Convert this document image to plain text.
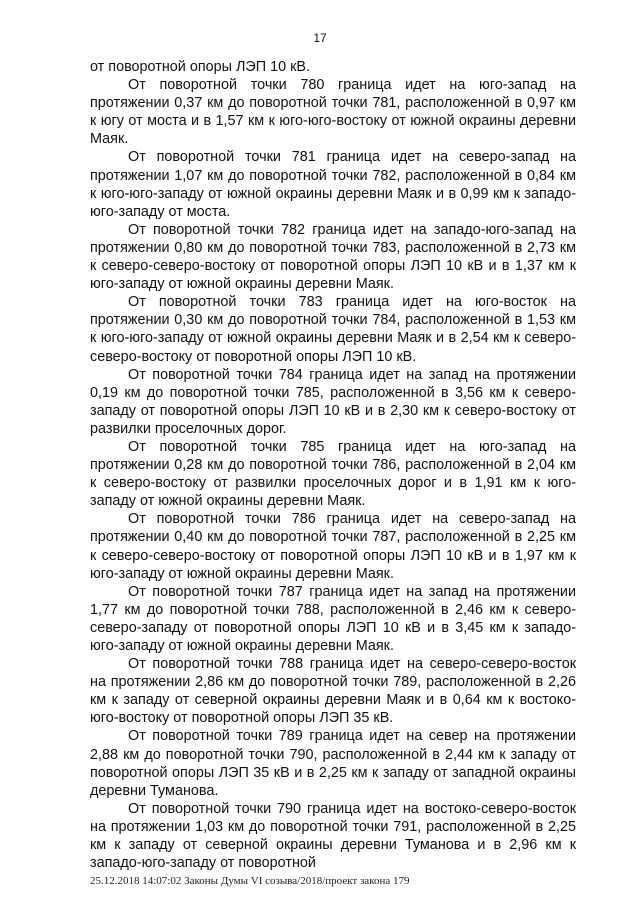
17

от поворотной опоры ЛЭП 10 кВ.

От поворотной точки 780 граница идет на юго-запад на протяжении 0,37 км до поворотной точки 781, расположенной в 0,97 км к югу от моста и в 1,57 км к юго-юго-востоку от южной окраины деревни Маяк.

От поворотной точки 781 граница идет на северо-запад на протяжении 1,07 км до поворотной точки 782, расположенной в 0,84 км к юго-юго-западу от южной окраины деревни Маяк и в 0,99 км к западо-юго-западу от моста.

От поворотной точки 782 граница идет на западо-юго-запад на протяжении 0,80 км до поворотной точки 783, расположенной в 2,73 км к северо-северо-востоку от поворотной опоры ЛЭП 10 кВ и в 1,37 км к юго-западу от южной окраины деревни Маяк.

От поворотной точки 783 граница идет на юго-восток на протяжении 0,30 км до поворотной точки 784, расположенной в 1,53 км к юго-юго-западу от южной окраины деревни Маяк и в 2,54 км к северо-северо-востоку от поворотной опоры ЛЭП 10 кВ.

От поворотной точки 784 граница идет на запад на протяжении 0,19 км до поворотной точки 785, расположенной в 3,56 км к северо-западу от поворотной опоры ЛЭП 10 кВ и в 2,30 км к северо-востоку от развилки проселочных дорог.

От поворотной точки 785 граница идет на юго-запад на протяжении 0,28 км до поворотной точки 786, расположенной в 2,04 км к северо-востоку от развилки проселочных дорог и в 1,91 км к юго-западу от южной окраины деревни Маяк.

От поворотной точки 786 граница идет на северо-запад на протяжении 0,40 км до поворотной точки 787, расположенной в 2,25 км к северо-северо-востоку от поворотной опоры ЛЭП 10 кВ и в 1,97 км к юго-западу от южной окраины деревни Маяк.

От поворотной точки 787 граница идет на запад на протяжении 1,77 км до поворотной точки 788, расположенной в 2,46 км к северо-северо-западу от поворотной опоры ЛЭП 10 кВ и в 3,45 км к западо-юго-западу от южной окраины деревни Маяк.

От поворотной точки 788 граница идет на северо-северо-восток на протяжении 2,86 км до поворотной точки 789, расположенной в 2,26 км к западу от северной окраины деревни Маяк и в 0,64 км к востоко-юго-востоку от поворотной опоры ЛЭП 35 кВ.

От поворотной точки 789 граница идет на север на протяжении 2,88 км до поворотной точки 790, расположенной в 2,44 км к западу от поворотной опоры ЛЭП 35 кВ и в 2,25 км к западу от западной окраины деревни Туманова.

От поворотной точки 790 граница идет на востоко-северо-восток на протяжении 1,03 км до поворотной точки 791, расположенной в 2,25 км к западу от северной окраины деревни Туманова и в 2,96 км к западо-юго-западу от поворотной

25.12.2018 14:07:02 Законы Думы VI созыва/2018/проект закона 179
